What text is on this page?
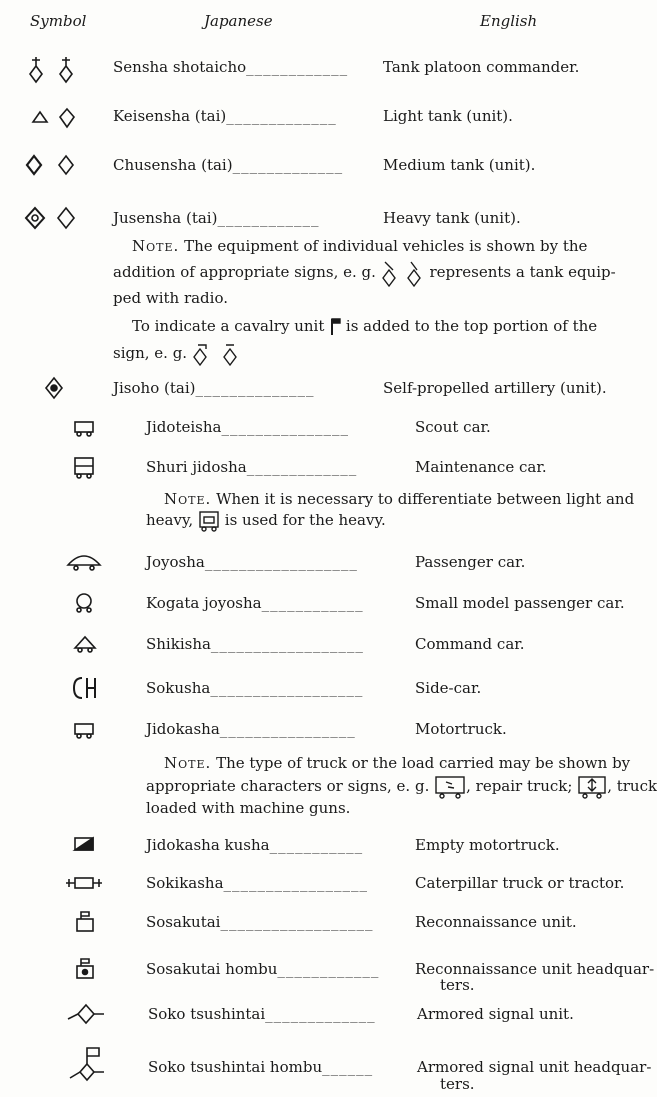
Symbol	Japanese	English
Sensha shotaicho____________ Tank platoon commander.
Keisensha (tai)_____________	Light tank (unit).
Chusensha (tai)_____________	Medium tank (unit).
Jusensha (tai)____________	Heavy tank (unit).
Note. The equipment of individual vehicles is shown by the
addition of appropriate signs, e. g.	represents a tank equip-
ped with radio.
To indicate a cavalry unit is added to the top portion of the
sign, e. g.
Jisoho (tai)______________	Self-propelled artillery (unit).
Jidoteisha_______________	Scout car.
Shuri jidosha_____________	Maintenance car.
Note. When it is necessary to differentiate between light and
heavy, is used for the heavy.
Joyosha__________________	Passenger car.
Kogata joyosha____________	Small model passenger car.
Shikisha__________________	Command car.
Sokusha__________________	Side-car.
Jidokasha________________	Motortruck.
Note. The type of truck or the load carried may be shown by
appropriate characters or signs, e. g. , repair truck; , truck
loaded with machine guns.
Jidokasha kusha___________	Empty motortruck.
Sokikasha_________________	Caterpillar truck or tractor.
Sosakutai__________________	Reconnaissance unit.
Sosakutai hombu____________ Reconnaissance unit headquar-
ters.
Soko tsushintai_____________	Armored signal unit.
Soko tsushintai hombu______	Armored signal unit headquar-
ters.
